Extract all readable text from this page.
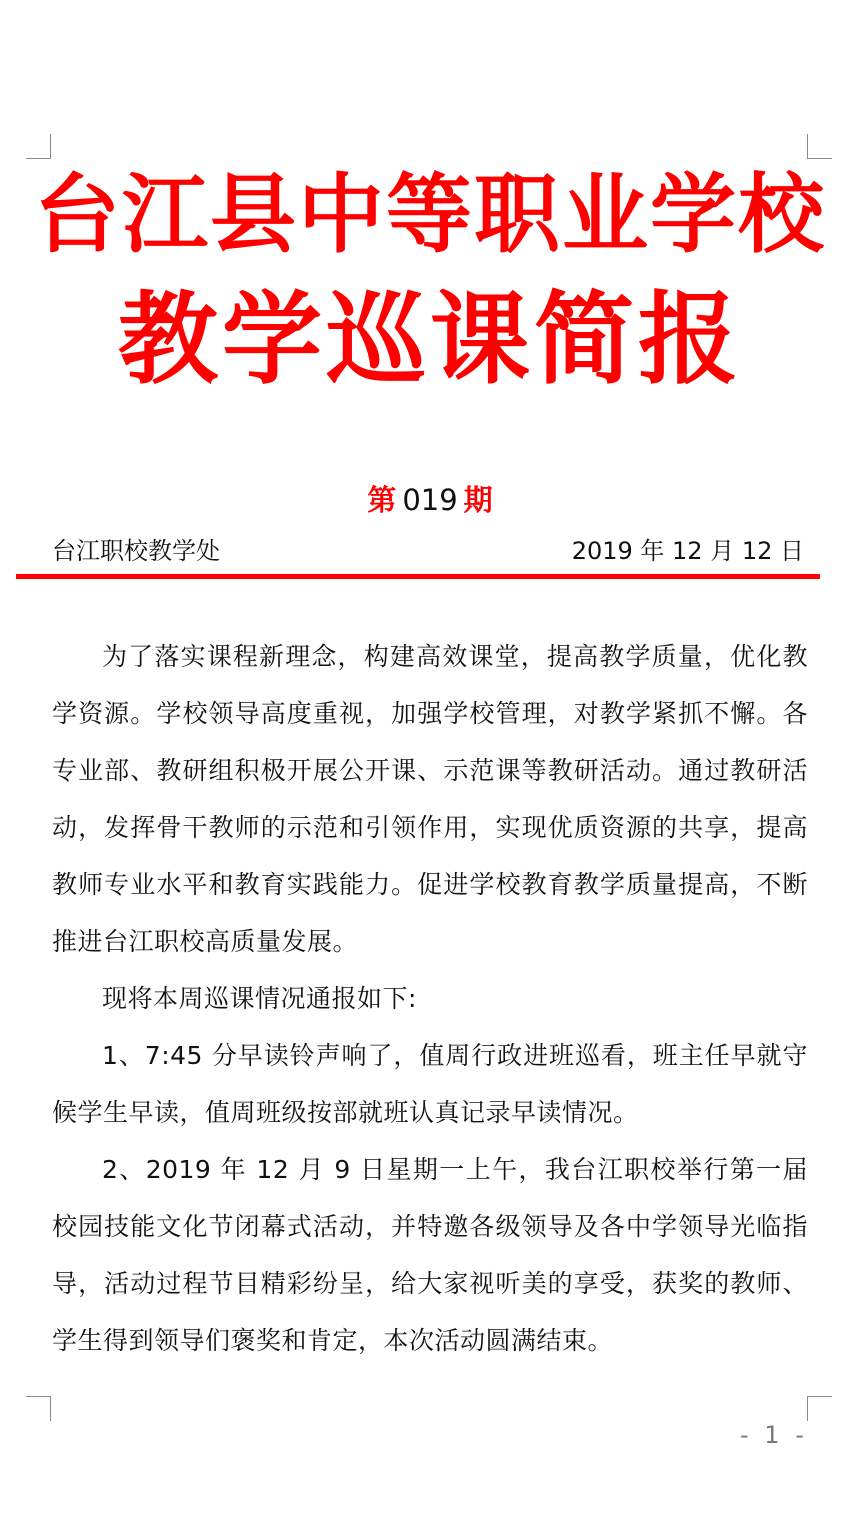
台江县中等职业学校
教学巡课简报
第 019 期
台江职校教学处	2019 年 12 月 12 日

为了落实课程新理念，构建高效课堂，提高教学质量，优化教学资源。学校领导高度重视，加强学校管理，对教学紧抓不懈。各专业部、教研组积极开展公开课、示范课等教研活动。通过教研活动，发挥骨干教师的示范和引领作用，实现优质资源的共享，提高教师专业水平和教育实践能力。促进学校教育教学质量提高，不断推进台江职校高质量发展。

现将本周巡课情况通报如下:

1、7:45 分早读铃声响了，值周行政进班巡看，班主任早就守候学生早读，值周班级按部就班认真记录早读情况。

2、2019 年 12 月 9 日星期一上午，我台江职校举行第一届校园技能文化节闭幕式活动，并特邀各级领导及各中学领导光临指导，活动过程节目精彩纷呈，给大家视听美的享受，获奖的教师、学生得到领导们褒奖和肯定，本次活动圆满结束。

- 1 -
